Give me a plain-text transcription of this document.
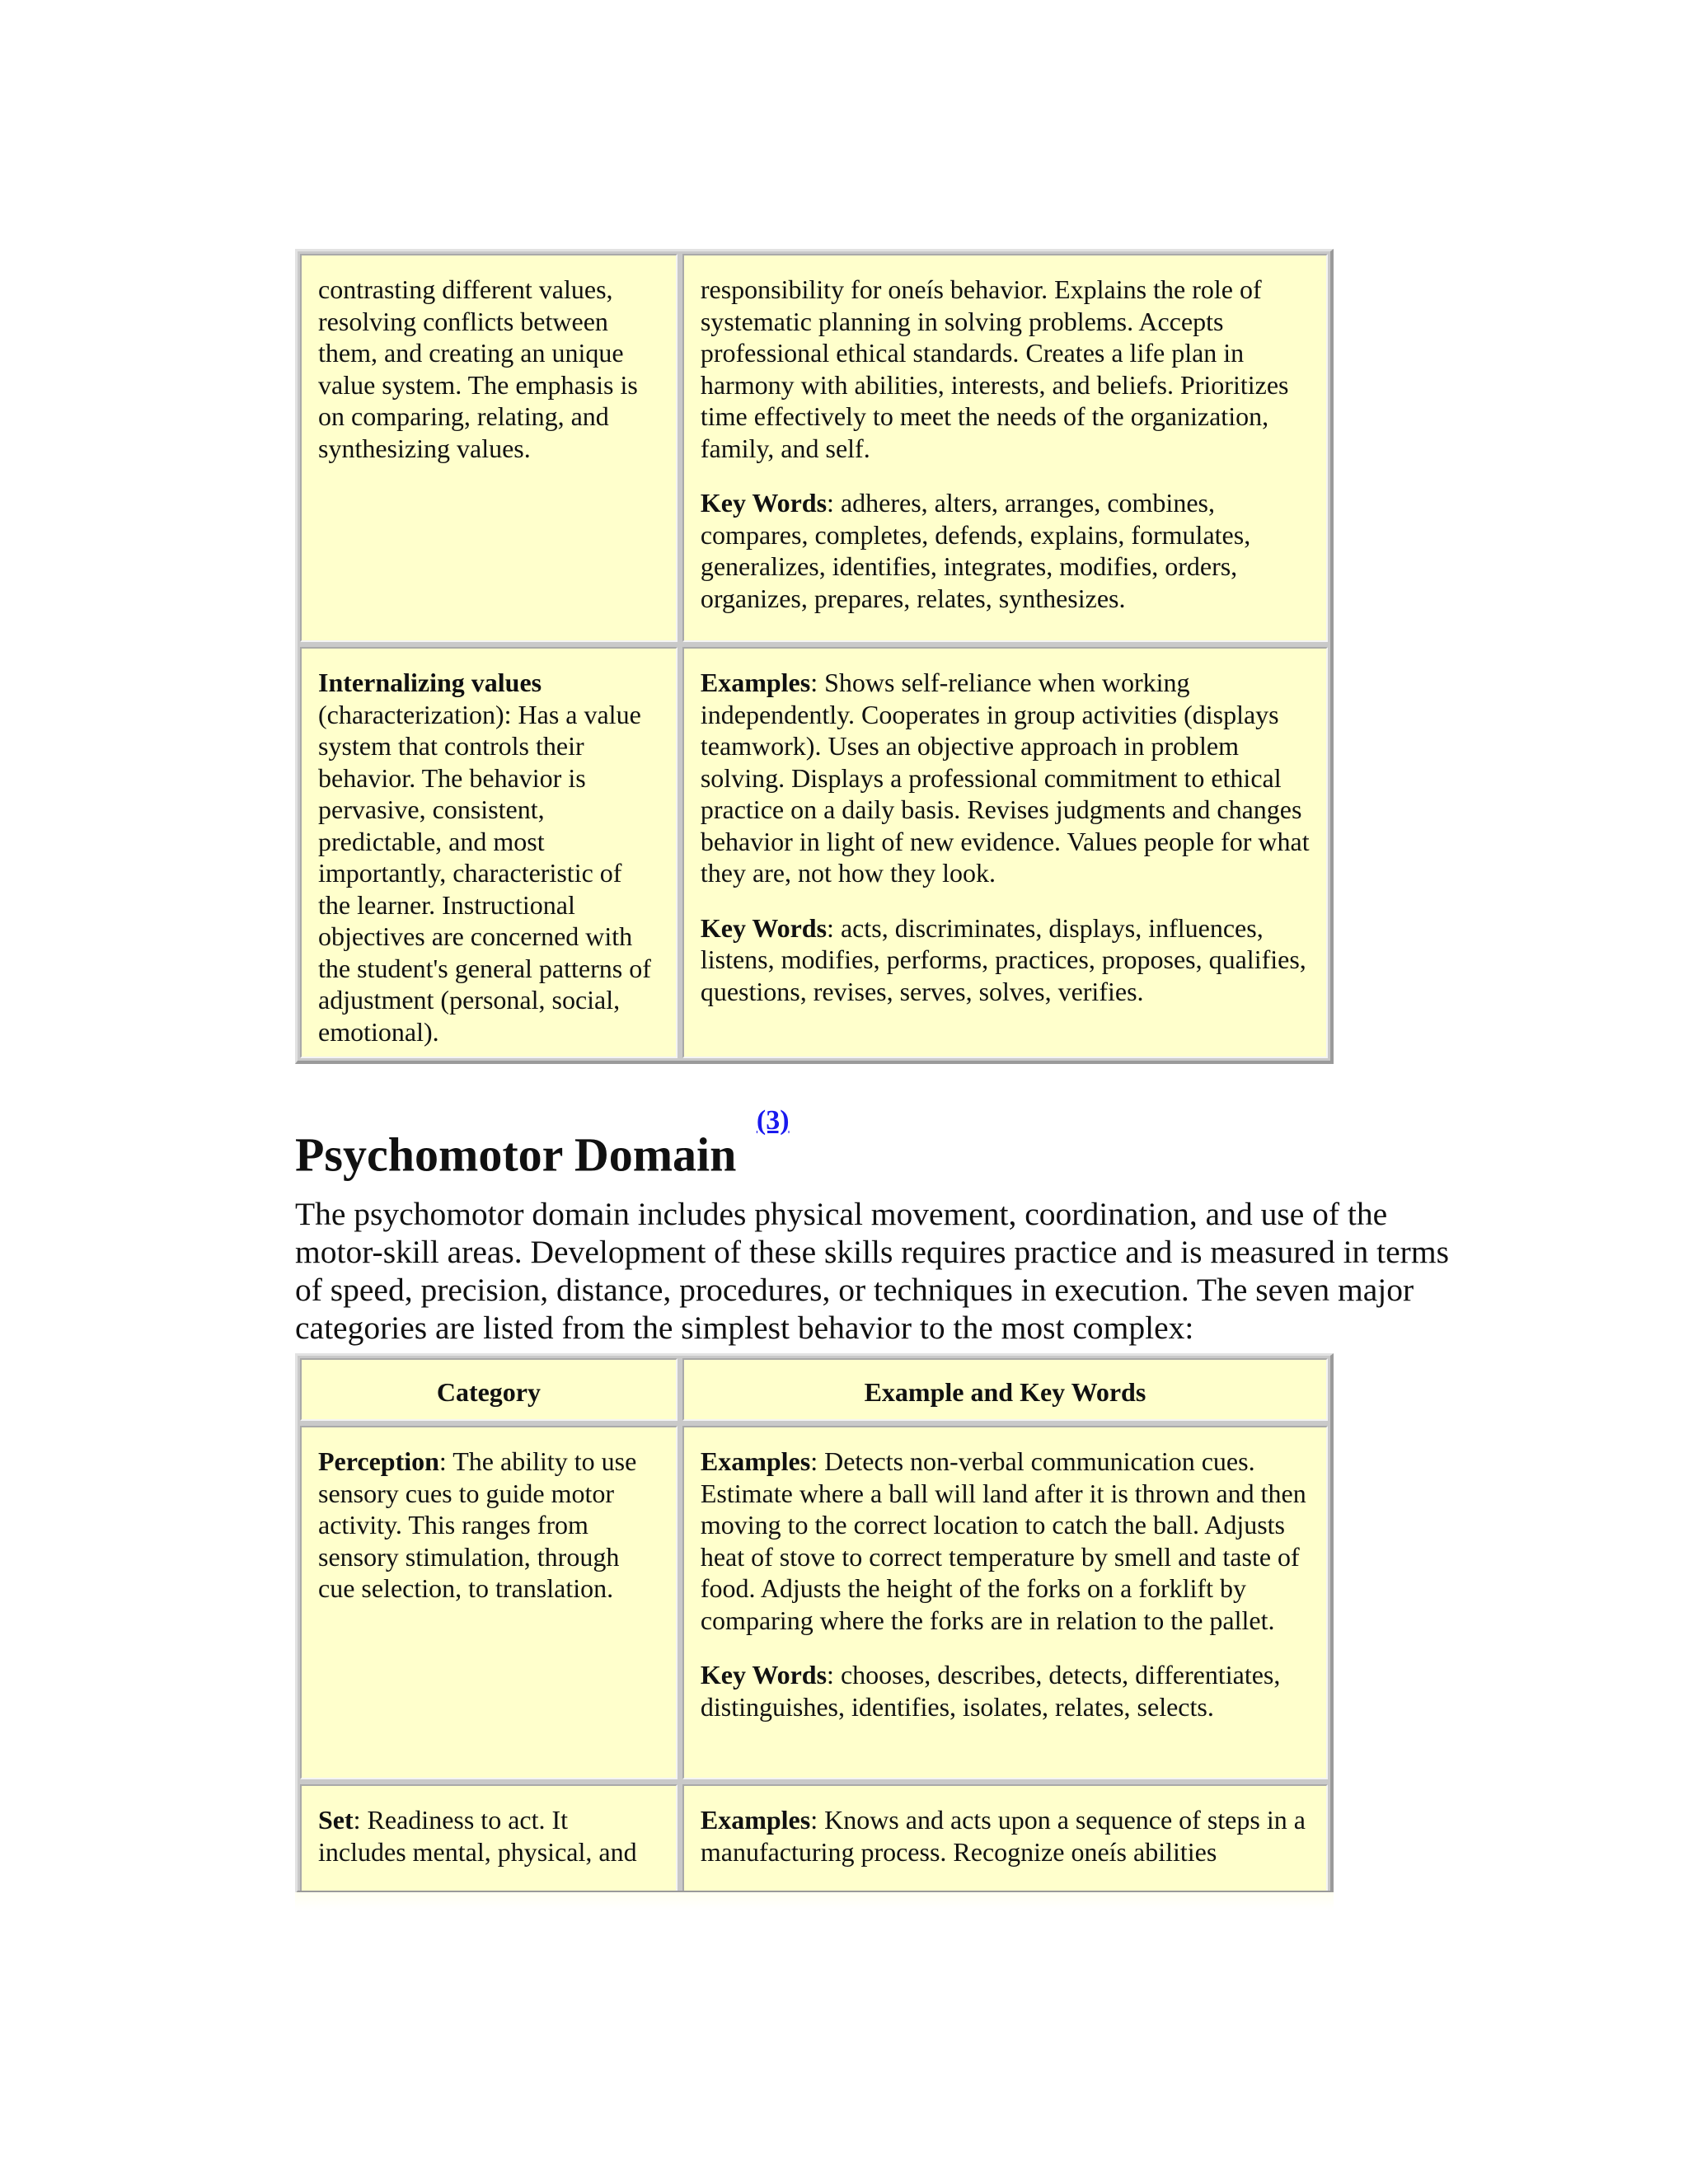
contrasting different values, resolving conflicts between them, and creating an unique value system. The emphasis is on comparing, relating, and synthesizing values.

responsibility for oneís behavior. Explains the role of systematic planning in solving problems. Accepts professional ethical standards. Creates a life plan in harmony with abilities, interests, and beliefs. Prioritizes time effectively to meet the needs of the organization, family, and self.

Key Words: adheres, alters, arranges, combines, compares, completes, defends, explains, formulates, generalizes, identifies, integrates, modifies, orders, organizes, prepares, relates, synthesizes.

Internalizing values (characterization): Has a value system that controls their behavior. The behavior is pervasive, consistent, predictable, and most importantly, characteristic of the learner. Instructional objectives are concerned with the student's general patterns of adjustment (personal, social, emotional).

Examples: Shows self-reliance when working independently. Cooperates in group activities (displays teamwork). Uses an objective approach in problem solving. Displays a professional commitment to ethical practice on a daily basis. Revises judgments and changes behavior in light of new evidence. Values people for what they are, not how they look.

Key Words: acts, discriminates, displays, influences, listens, modifies, performs, practices, proposes, qualifies, questions, revises, serves, solves, verifies.

Psychomotor Domain $^{^{(3)}}$

The psychomotor domain includes physical movement, coordination, and use of the motor-skill areas. Development of these skills requires practice and is measured in terms of speed, precision, distance, procedures, or techniques in execution. The seven major categories are listed from the simplest behavior to the most complex:

Category	Example and Key Words

Perception: The ability to use sensory cues to guide motor activity. This ranges from sensory stimulation, through cue selection, to translation.

Examples: Detects non-verbal communication cues. Estimate where a ball will land after it is thrown and then moving to the correct location to catch the ball. Adjusts heat of stove to correct temperature by smell and taste of food. Adjusts the height of the forks on a forklift by comparing where the forks are in relation to the pallet.

Key Words: chooses, describes, detects, differentiates, distinguishes, identifies, isolates, relates, selects.

Set: Readiness to act. It includes mental, physical, and

Examples: Knows and acts upon a sequence of steps in a manufacturing process. Recognize oneís abilities
